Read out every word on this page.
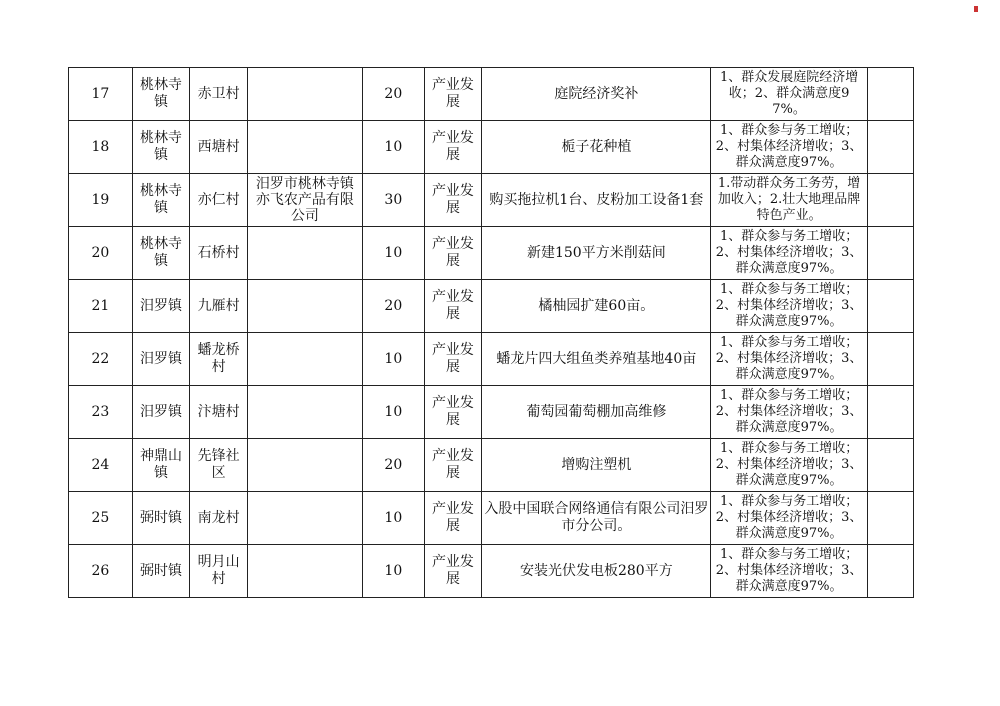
17	桃林寺镇	赤卫村		20	产业发展	庭院经济奖补	1、群众发展庭院经济增收；2、群众满意度97%。	
18	桃林寺镇	西塘村		10	产业发展	栀子花种植	1、群众参与务工增收；2、村集体经济增收；3、群众满意度97%。	
19	桃林寺镇	亦仁村	汨罗市桃林寺镇亦飞农产品有限公司	30	产业发展	购买拖拉机1台、皮粉加工设备1套	1.带动群众务工务劳，增加收入；2.壮大地理品牌特色产业。	
20	桃林寺镇	石桥村		10	产业发展	新建150平方米削菇间	1、群众参与务工增收；2、村集体经济增收；3、群众满意度97%。	
21	汨罗镇	九雁村		20	产业发展	橘柚园扩建60亩。	1、群众参与务工增收；2、村集体经济增收；3、群众满意度97%。	
22	汨罗镇	蟠龙桥村		10	产业发展	蟠龙片四大组鱼类养殖基地40亩	1、群众参与务工增收；2、村集体经济增收；3、群众满意度97%。	
23	汨罗镇	汴塘村		10	产业发展	葡萄园葡萄棚加高维修	1、群众参与务工增收；2、村集体经济增收；3、群众满意度97%。	
24	神鼎山镇	先锋社区		20	产业发展	增购注塑机	1、群众参与务工增收；2、村集体经济增收；3、群众满意度97%。	
25	弼时镇	南龙村		10	产业发展	入股中国联合网络通信有限公司汨罗市分公司。	1、群众参与务工增收；2、村集体经济增收；3、群众满意度97%。	
26	弼时镇	明月山村		10	产业发展	安装光伏发电板280平方	1、群众参与务工增收；2、村集体经济增收；3、群众满意度97%。	
